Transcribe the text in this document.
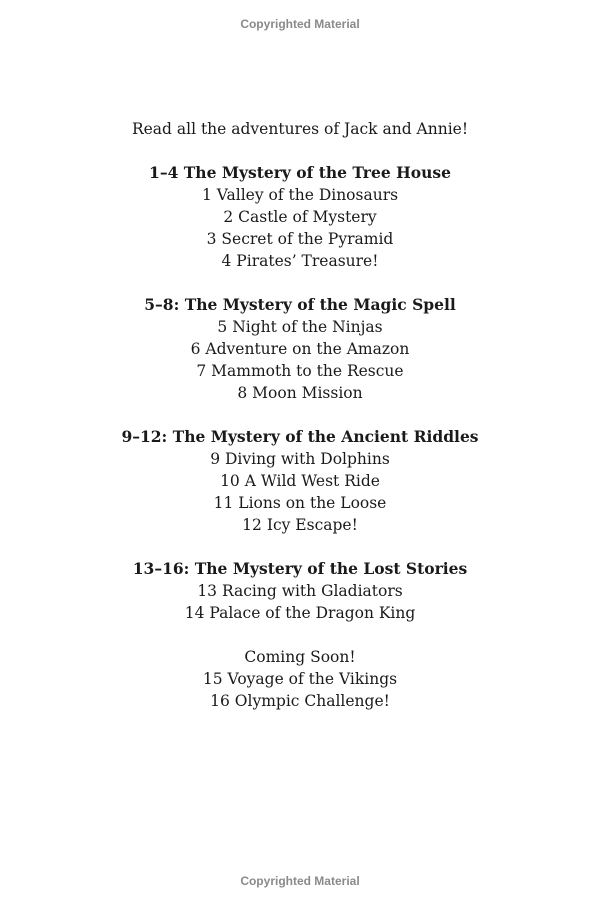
Copyrighted Material
Read all the adventures of Jack and Annie!
1–4 The Mystery of the Tree House
1 Valley of the Dinosaurs
2 Castle of Mystery
3 Secret of the Pyramid
4 Pirates’ Treasure!
5–8: The Mystery of the Magic Spell
5 Night of the Ninjas
6 Adventure on the Amazon
7 Mammoth to the Rescue
8 Moon Mission
9–12: The Mystery of the Ancient Riddles
9 Diving with Dolphins
10 A Wild West Ride
11 Lions on the Loose
12 Icy Escape!
13–16: The Mystery of the Lost Stories
13 Racing with Gladiators
14 Palace of the Dragon King
Coming Soon!
15 Voyage of the Vikings
16 Olympic Challenge!
Copyrighted Material
